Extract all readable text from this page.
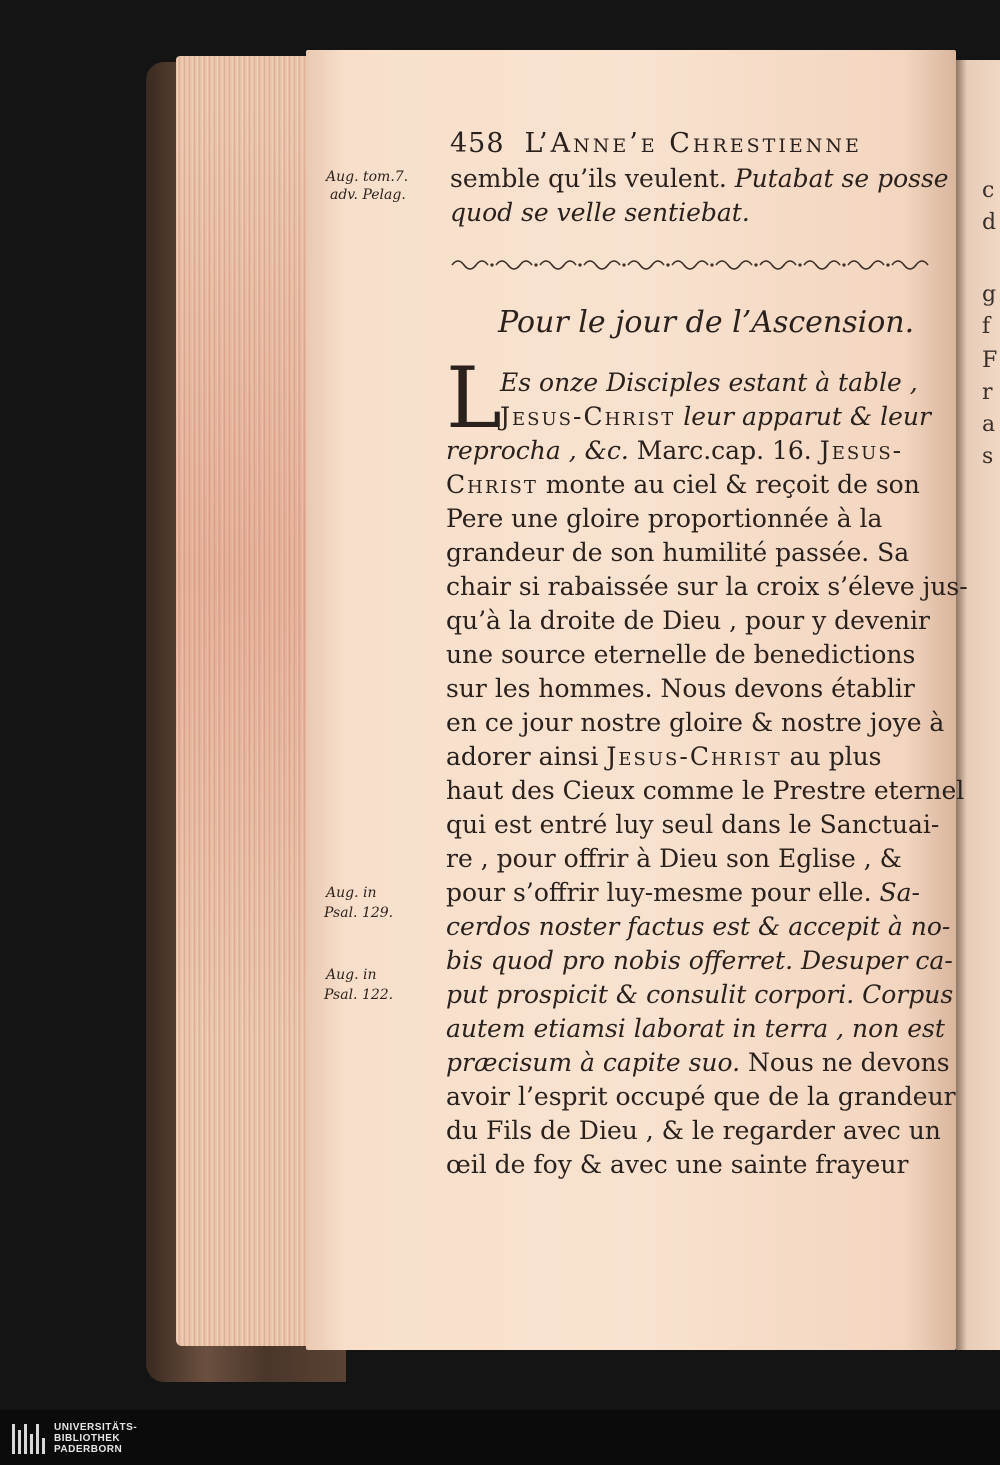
c
d
g
f
F
r
a
s
458 L’Anne’e Chrestienne
Aug. tom.7.
adv. Pelag.
Aug. in
Psal. 129.
Aug. in
Psal. 122.
semble qu’ils veulent. Putabat se posse
quod se velle sentiebat.
Pour le jour de l’Ascension.
L
Es onze Disciples estant à table ,
Jesus-Christ leur apparut & leur
reprocha , &c. Marc.cap. 16. Jesus-
Christ monte au ciel & reçoit de son
Pere une gloire proportionnée à la
grandeur de son humilité passée. Sa
chair si rabaissée sur la croix s’éleve jus-
qu’à la droite de Dieu , pour y devenir
une source eternelle de benedictions
sur les hommes. Nous devons établir
en ce jour nostre gloire & nostre joye à
adorer ainsi Jesus-Christ au plus
haut des Cieux comme le Prestre eternel
qui est entré luy seul dans le Sanctuai-
re , pour offrir à Dieu son Eglise , &
pour s’offrir luy-mesme pour elle. Sa-
cerdos noster factus est & accepit à no-
bis quod pro nobis offerret. Desuper ca-
put prospicit & consulit corpori. Corpus
autem etiamsi laborat in terra , non est
præcisum à capite suo. Nous ne devons
avoir l’esprit occupé que de la grandeur
du Fils de Dieu , & le regarder avec un
œil de foy & avec une sainte frayeur
UNIVERSITÄTS-
BIBLIOTHEK
PADERBORN
